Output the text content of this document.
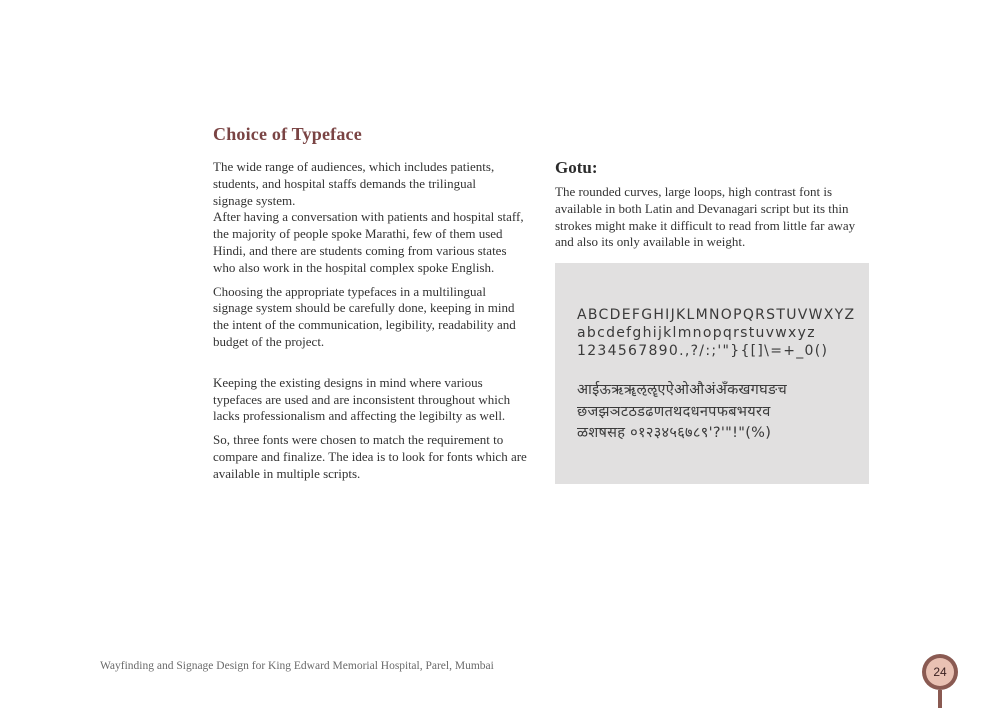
Choice of Typeface

The wide range of audiences, which includes patients,
students, and hospital staffs demands the trilingual
signage system.
After having a conversation with patients and hospital staff,
the majority of people spoke Marathi, few of them used
Hindi, and there are students coming from various states
who also work in the hospital complex spoke English.

Choosing the appropriate typefaces in a multilingual
signage system should be carefully done, keeping in mind
the intent of the communication, legibility, readability and
budget of the project.

Keeping the existing designs in mind where various
typefaces are used and are inconsistent throughout which
lacks professionalism and affecting the legibilty as well.

So, three fonts were chosen to match the requirement to
compare and finalize. The idea is to look for fonts which are
available in multiple scripts.

Gotu:

The rounded curves, large loops, high contrast font is
available in both Latin and Devanagari script but its thin
strokes might make it difficult to read from little far away
and also its only available in weight.

ABCDEFGHIJKLMNOPQRSTUVWXYZ
abcdefghijklmnopqrstuvwxyz
1234567890.,?/:;'"}{[]\=+_0()
आईऊऋॠऌॡएऐओऔअंअँकखगघङच
छजझञटठडढणतथदधनपफबभयरव
ळशषसह ०१२३४५६७८९'?'"!"(%)
Wayfinding and Signage Design for King Edward Memorial Hospital, Parel, Mumbai	24
